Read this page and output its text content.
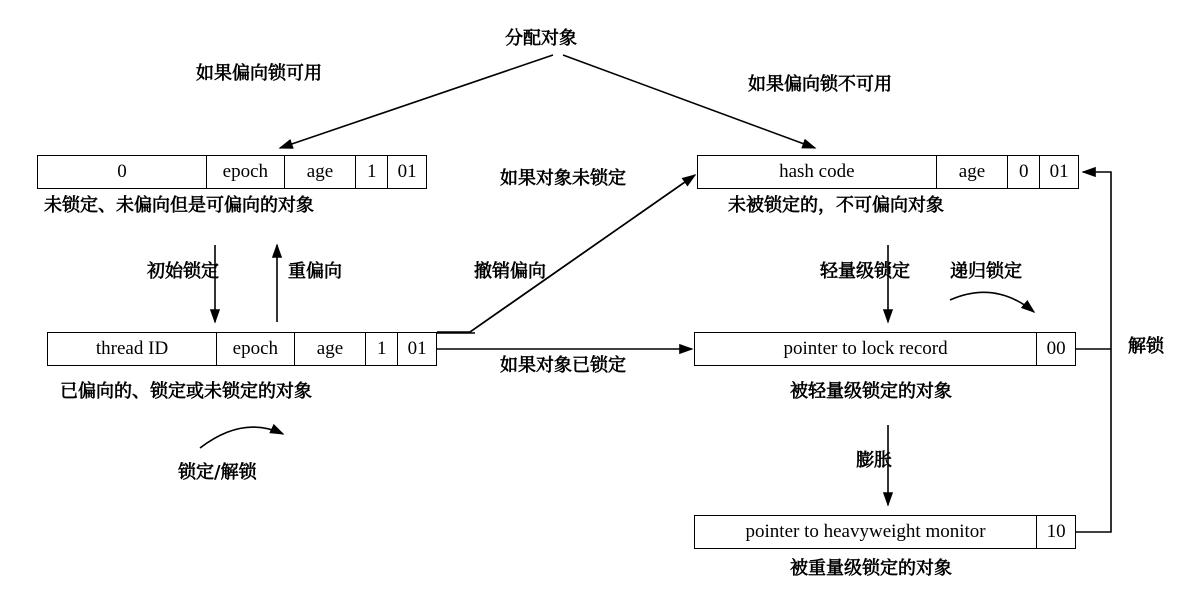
0	epoch	age	1	01
未锁定、未偏向但是可偏向的对象
thread ID	epoch	age	1	01
已偏向的、锁定或未锁定的对象
hash code	age	0	01
未被锁定的，不可偏向对象
pointer to lock record	00
被轻量级锁定的对象
pointer to heavyweight monitor	10
被重量级锁定的对象
分配对象
如果偏向锁可用
如果偏向锁不可用
初始锁定	重偏向
锁定/解锁
如果对象未锁定
撤销偏向
如果对象已锁定
轻量级锁定 递归锁定
膨胀
解锁
